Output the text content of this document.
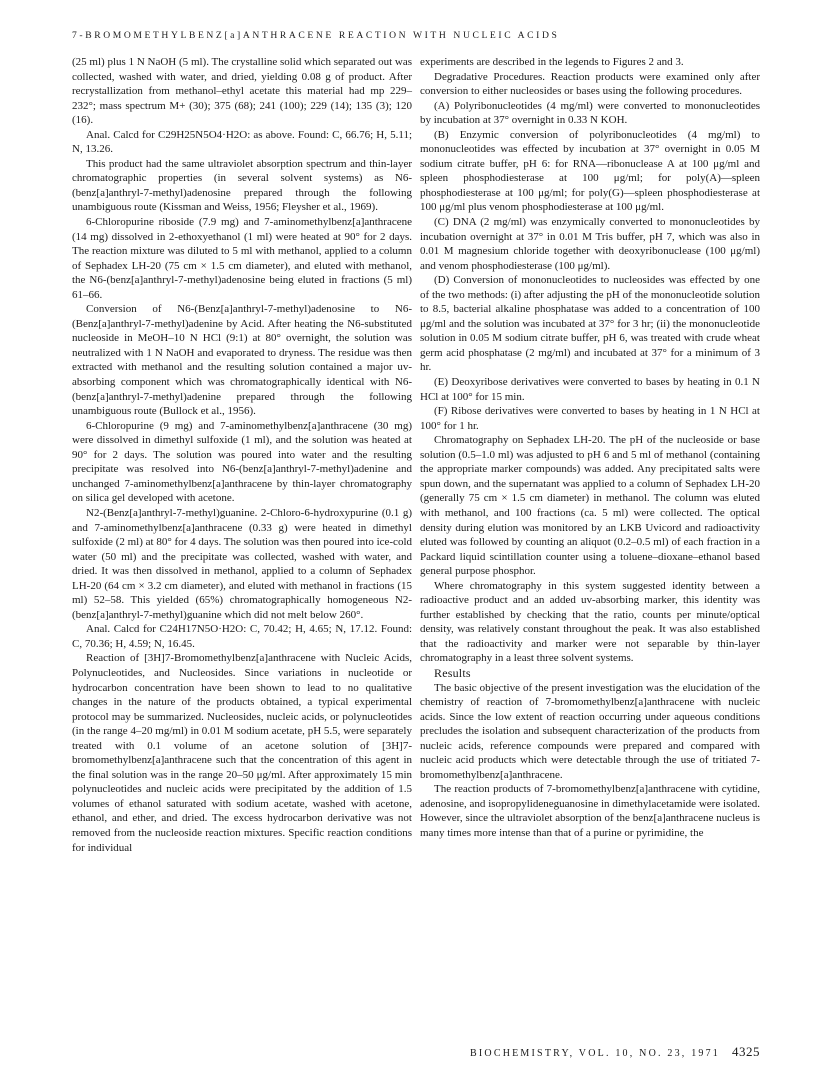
7-BROMOMETHYLBENZ[a]ANTHRACENE REACTION WITH NUCLEIC ACIDS

(25 ml) plus 1 N NaOH (5 ml). The crystalline solid which separated out was collected, washed with water, and dried, yielding 0.08 g of product. After recrystallization from methanol–ethyl acetate this material had mp 229–232°; mass spectrum M+ (30); 375 (68); 241 (100); 229 (14); 135 (3); 120 (16).

Anal. Calcd for C29H25N5O4·H2O: as above. Found: C, 66.76; H, 5.11; N, 13.26.

This product had the same ultraviolet absorption spectrum and thin-layer chromatographic properties (in several solvent systems) as N6-(benz[a]anthryl-7-methyl)adenosine prepared through the following unambiguous route (Kissman and Weiss, 1956; Fleysher et al., 1969).

6-Chloropurine riboside (7.9 mg) and 7-aminomethylbenz[a]anthracene (14 mg) dissolved in 2-ethoxyethanol (1 ml) were heated at 90° for 2 days. The reaction mixture was diluted to 5 ml with methanol, applied to a column of Sephadex LH-20 (75 cm × 1.5 cm diameter), and eluted with methanol, the N6-(benz[a]anthryl-7-methyl)adenosine being eluted in fractions (5 ml) 61–66.

Conversion of N6-(Benz[a]anthryl-7-methyl)adenosine to N6-(Benz[a]anthryl-7-methyl)adenine by Acid. After heating the N6-substituted nucleoside in MeOH–10 N HCl (9:1) at 80° overnight, the solution was neutralized with 1 N NaOH and evaporated to dryness. The residue was then extracted with methanol and the resulting solution contained a major uv-absorbing component which was chromatographically identical with N6-(benz[a]anthryl-7-methyl)adenine prepared through the following unambiguous route (Bullock et al., 1956).

6-Chloropurine (9 mg) and 7-aminomethylbenz[a]anthracene (30 mg) were dissolved in dimethyl sulfoxide (1 ml), and the solution was heated at 90° for 2 days. The solution was poured into water and the resulting precipitate was resolved into N6-(benz[a]anthryl-7-methyl)adenine and unchanged 7-aminomethylbenz[a]anthracene by thin-layer chromatography on silica gel developed with acetone.

N2-(Benz[a]anthryl-7-methyl)guanine. 2-Chloro-6-hydroxypurine (0.1 g) and 7-aminomethylbenz[a]anthracene (0.33 g) were heated in dimethyl sulfoxide (2 ml) at 80° for 4 days. The solution was then poured into ice-cold water (50 ml) and the precipitate was collected, washed with water, and dried. It was then dissolved in methanol, applied to a column of Sephadex LH-20 (64 cm × 3.2 cm diameter), and eluted with methanol in fractions (15 ml) 52–58. This yielded (65%) chromatographically homogeneous N2-(benz[a]anthryl-7-methyl)guanine which did not melt below 260°.

Anal. Calcd for C24H17N5O·H2O: C, 70.42; H, 4.65; N, 17.12. Found: C, 70.36; H, 4.59; N, 16.45.

Reaction of [3H]7-Bromomethylbenz[a]anthracene with Nucleic Acids, Polynucleotides, and Nucleosides. Since variations in nucleotide or hydrocarbon concentration have been shown to lead to no qualitative changes in the nature of the products obtained, a typical experimental protocol may be summarized. Nucleosides, nucleic acids, or polynucleotides (in the range 4–20 mg/ml) in 0.01 M sodium acetate, pH 5.5, were separately treated with 0.1 volume of an acetone solution of [3H]7-bromomethylbenz[a]anthracene such that the concentration of this agent in the final solution was in the range 20–50 μg/ml. After approximately 15 min polynucleotides and nucleic acids were precipitated by the addition of 1.5 volumes of ethanol saturated with sodium acetate, washed with acetone, ethanol, and ether, and dried. The excess hydrocarbon derivative was not removed from the nucleoside reaction mixtures. Specific reaction conditions for individual

experiments are described in the legends to Figures 2 and 3.

Degradative Procedures. Reaction products were examined only after conversion to either nucleosides or bases using the following procedures.

(A) Polyribonucleotides (4 mg/ml) were converted to mononucleotides by incubation at 37° overnight in 0.33 N KOH.

(B) Enzymic conversion of polyribonucleotides (4 mg/ml) to mononucleotides was effected by incubation at 37° overnight in 0.05 M sodium citrate buffer, pH 6: for RNA—ribonuclease A at 100 μg/ml and spleen phosphodiesterase at 100 μg/ml; for poly(A)—spleen phosphodiesterase at 100 μg/ml; for poly(G)—spleen phosphodiesterase at 100 μg/ml plus venom phosphodiesterase at 100 μg/ml.

(C) DNA (2 mg/ml) was enzymically converted to mononucleotides by incubation overnight at 37° in 0.01 M Tris buffer, pH 7, which was also in 0.01 M magnesium chloride together with deoxyribonuclease (100 μg/ml) and venom phosphodiesterase (100 μg/ml).

(D) Conversion of mononucleotides to nucleosides was effected by one of the two methods: (i) after adjusting the pH of the mononucleotide solution to 8.5, bacterial alkaline phosphatase was added to a concentration of 100 μg/ml and the solution was incubated at 37° for 3 hr; (ii) the mononucleotide solution in 0.05 M sodium citrate buffer, pH 6, was treated with crude wheat germ acid phosphatase (2 mg/ml) and incubated at 37° for a minimum of 3 hr.

(E) Deoxyribose derivatives were converted to bases by heating in 0.1 N HCl at 100° for 15 min.

(F) Ribose derivatives were converted to bases by heating in 1 N HCl at 100° for 1 hr.

Chromatography on Sephadex LH-20. The pH of the nucleoside or base solution (0.5–1.0 ml) was adjusted to pH 6 and 5 ml of methanol (containing the appropriate marker compounds) was added. Any precipitated salts were spun down, and the supernatant was applied to a column of Sephadex LH-20 (generally 75 cm × 1.5 cm diameter) in methanol. The column was eluted with methanol, and 100 fractions (ca. 5 ml) were collected. The optical density during elution was monitored by an LKB Uvicord and radioactivity eluted was followed by counting an aliquot (0.2–0.5 ml) of each fraction in a Packard liquid scintillation counter using a toluene–dioxane–ethanol based general purpose phosphor.

Where chromatography in this system suggested identity between a radioactive product and an added uv-absorbing marker, this identity was further established by checking that the ratio, counts per minute/optical density, was relatively constant throughout the peak. It was also established that the radioactivity and marker were not separable by thin-layer chromatography in a least three solvent systems.

Results

The basic objective of the present investigation was the elucidation of the chemistry of reaction of 7-bromomethylbenz[a]anthracene with nucleic acids. Since the low extent of reaction occurring under aqueous conditions precludes the isolation and subsequent characterization of the products from nucleic acids, reference compounds were prepared and compared with nucleic acid products which were detectable through the use of tritiated 7-bromomethylbenz[a]anthracene.

The reaction products of 7-bromomethylbenz[a]anthracene with cytidine, adenosine, and isopropylideneguanosine in dimethylacetamide were isolated. However, since the ultraviolet absorption of the benz[a]anthracene nucleus is many times more intense than that of a purine or pyrimidine, the

BIOCHEMISTRY, VOL. 10, NO. 23, 1971 4325
